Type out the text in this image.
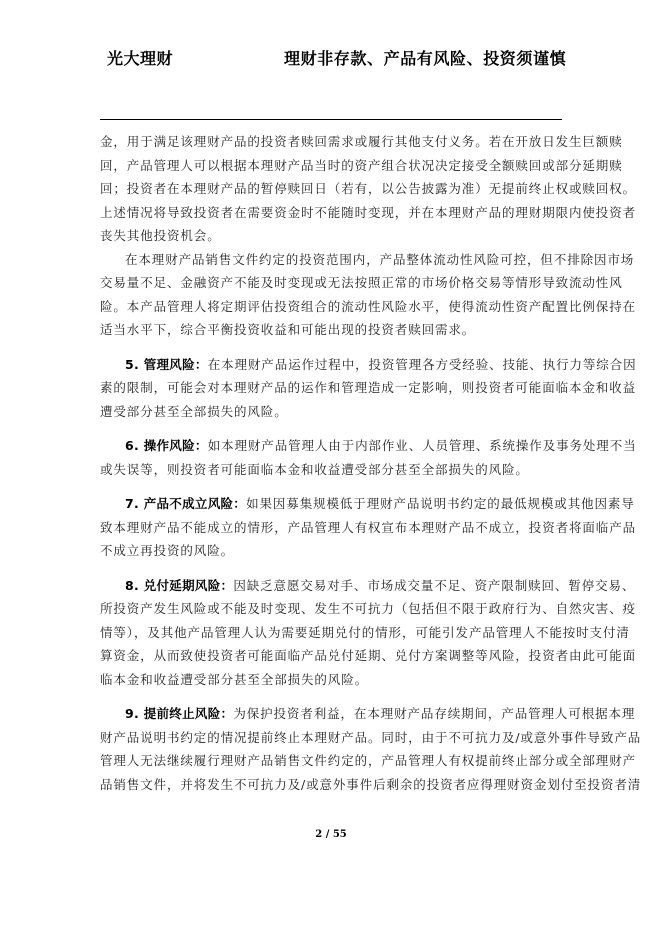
光大理财	理财非存款、产品有风险、投资须谨慎
金，用于满足该理财产品的投资者赎回需求或履行其他支付义务。若在开放日发生巨额赎
回，产品管理人可以根据本理财产品当时的资产组合状况决定接受全额赎回或部分延期赎
回；投资者在本理财产品的暂停赎回日（若有，以公告披露为准）无提前终止权或赎回权。
上述情况将导致投资者在需要资金时不能随时变现，并在本理财产品的理财期限内使投资者
丧失其他投资机会。
在本理财产品销售文件约定的投资范围内，产品整体流动性风险可控，但不排除因市场
交易量不足、金融资产不能及时变现或无法按照正常的市场价格交易等情形导致流动性风
险。本产品管理人将定期评估投资组合的流动性风险水平，使得流动性资产配置比例保持在
适当水平下，综合平衡投资收益和可能出现的投资者赎回需求。
5. 管理风险：在本理财产品运作过程中，投资管理各方受经验、技能、执行力等综合因
素的限制，可能会对本理财产品的运作和管理造成一定影响，则投资者可能面临本金和收益
遭受部分甚至全部损失的风险。
6. 操作风险：如本理财产品管理人由于内部作业、人员管理、系统操作及事务处理不当
或失误等，则投资者可能面临本金和收益遭受部分甚至全部损失的风险。
7. 产品不成立风险：如果因募集规模低于理财产品说明书约定的最低规模或其他因素导
致本理财产品不能成立的情形，产品管理人有权宣布本理财产品不成立，投资者将面临产品
不成立再投资的风险。
8. 兑付延期风险：因缺乏意愿交易对手、市场成交量不足、资产限制赎回、暂停交易、
所投资产发生风险或不能及时变现、发生不可抗力（包括但不限于政府行为、自然灾害、疫
情等），及其他产品管理人认为需要延期兑付的情形，可能引发产品管理人不能按时支付清
算资金，从而致使投资者可能面临产品兑付延期、兑付方案调整等风险，投资者由此可能面
临本金和收益遭受部分甚至全部损失的风险。
9. 提前终止风险：为保护投资者利益，在本理财产品存续期间，产品管理人可根据本理
财产品说明书约定的情况提前终止本理财产品。同时，由于不可抗力及/或意外事件导致产品
管理人无法继续履行理财产品销售文件约定的，产品管理人有权提前终止部分或全部理财产
品销售文件，并将发生不可抗力及/或意外事件后剩余的投资者应得理财资金划付至投资者清
2 / 55
